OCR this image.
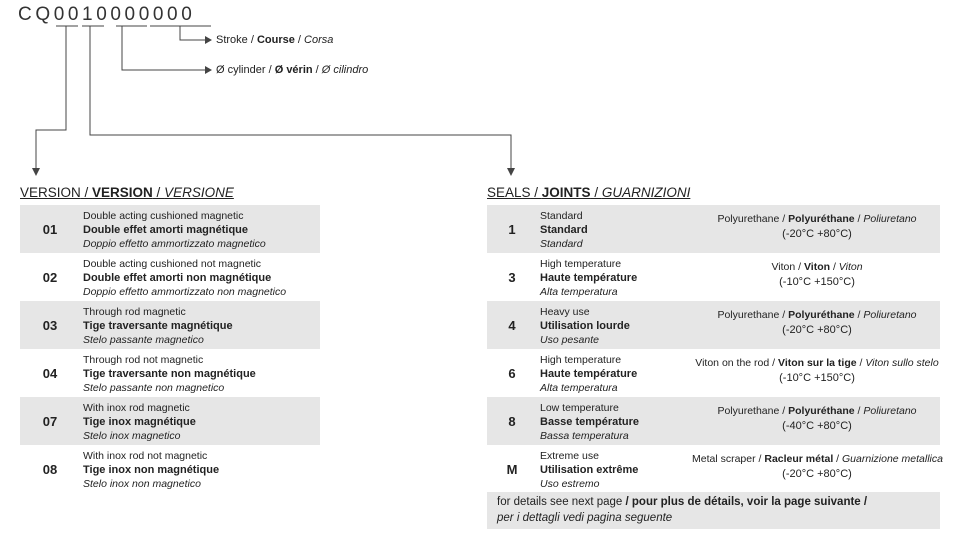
CQ0010000000
Stroke / Course / Corsa
Ø cylinder / Ø vérin / Ø cilindro
VERSION / VERSION / VERSIONE
01
Double acting cushioned magnetic
Double effet amorti magnétique
Doppio effetto ammortizzato magnetico
02
Double acting cushioned not magnetic
Double effet amorti non magnétique
Doppio effetto ammortizzato non magnetico
03
Through rod magnetic
Tige traversante magnétique
Stelo passante magnetico
04
Through rod not magnetic
Tige traversante non magnétique
Stelo passante non magnetico
07
With inox rod magnetic
Tige inox magnétique
Stelo inox magnetico
08
With inox rod not magnetic
Tige inox non magnétique
Stelo inox non magnetico
SEALS / JOINTS / GUARNIZIONI
1
Standard
Standard
Standard
Polyurethane / Polyuréthane / Poliuretano
(-20°C +80°C)
3
High temperature
Haute température
Alta temperatura
Viton / Viton / Viton
(-10°C +150°C)
4
Heavy use
Utilisation lourde
Uso pesante
Polyurethane / Polyuréthane / Poliuretano
(-20°C +80°C)
6
High temperature
Haute température
Alta temperatura
Viton on the rod / Viton sur la tige / Viton sullo stelo
(-10°C +150°C)
8
Low temperature
Basse température
Bassa temperatura
Polyurethane / Polyuréthane / Poliuretano
(-40°C +80°C)
M
Extreme use
Utilisation extrême
Uso estremo
Metal scraper / Racleur métal / Guarnizione metallica
(-20°C +80°C)
for details see next page / pour plus de détails, voir la page suivante /
per i dettagli vedi pagina seguente
